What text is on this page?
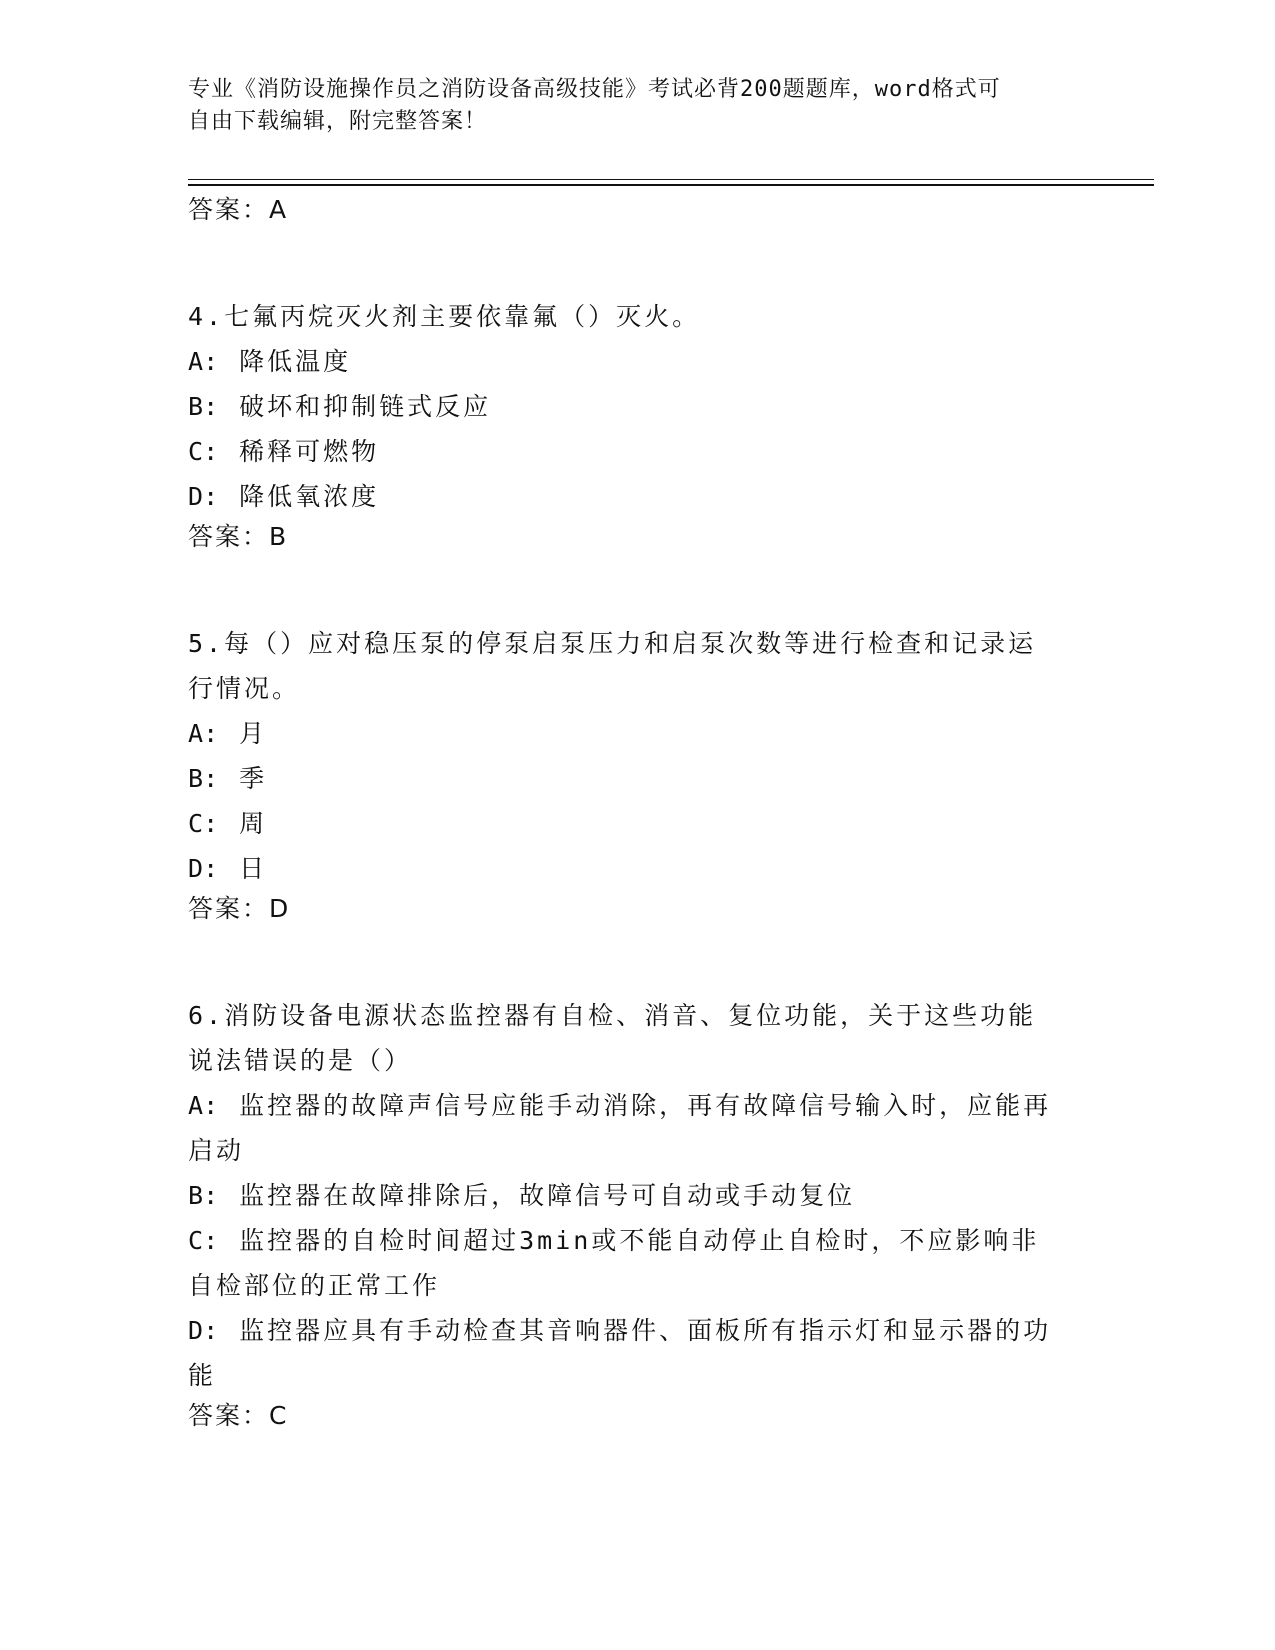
专业《消防设施操作员之消防设备高级技能》考试必背200题题库，word格式可
自由下载编辑，附完整答案！
答案：A

4.七氟丙烷灭火剂主要依靠氟（）灭火。

A: 降低温度

B: 破坏和抑制链式反应

C: 稀释可燃物

D: 降低氧浓度

答案：B

5.每（）应对稳压泵的停泵启泵压力和启泵次数等进行检查和记录运

行情况。

A: 月

B: 季

C: 周

D: 日

答案：D

6.消防设备电源状态监控器有自检、消音、复位功能，关于这些功能

说法错误的是（）

A: 监控器的故障声信号应能手动消除，再有故障信号输入时，应能再

启动

B: 监控器在故障排除后，故障信号可自动或手动复位

C: 监控器的自检时间超过3min或不能自动停止自检时，不应影响非

自检部位的正常工作

D: 监控器应具有手动检查其音响器件、面板所有指示灯和显示器的功

能

答案：C
